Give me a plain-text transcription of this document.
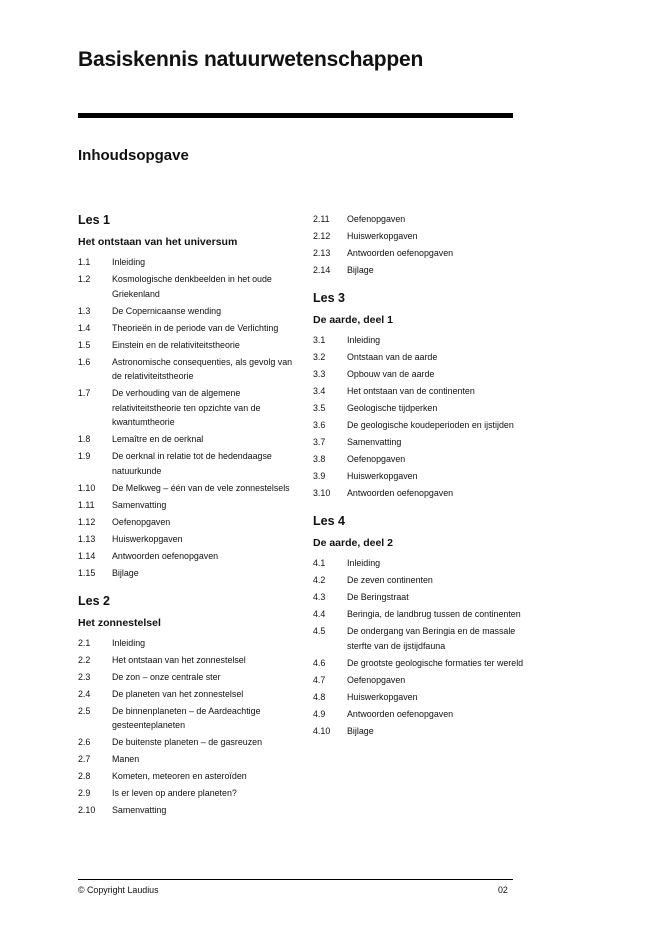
Basiskennis natuurwetenschappen
Inhoudsopgave
Les 1
Het ontstaan van het universum
1.1	Inleiding
1.2	Kosmologische denkbeelden in het oude Griekenland
1.3	De Copernicaanse wending
1.4	Theorieën in de periode van de Verlichting
1.5	Einstein en de relativiteitstheorie
1.6	Astronomische consequenties, als gevolg van de relativiteitstheorie
1.7	De verhouding van de algemene relativiteitstheorie ten opzichte van de kwantumtheorie
1.8	Lemaître en de oerknal
1.9	De oerknal in relatie tot de hedendaagse natuurkunde
1.10	De Melkweg – één van de vele zonnestelsels
1.11	Samenvatting
1.12	Oefenopgaven
1.13	Huiswerkopgaven
1.14	Antwoorden oefenopgaven
1.15	Bijlage
Les 2
Het zonnestelsel
2.1	Inleiding
2.2	Het ontstaan van het zonnestelsel
2.3	De zon – onze centrale ster
2.4	De planeten van het zonnestelsel
2.5	De binnenplaneten – de Aardeachtige gesteenteplaneten
2.6	De buitenste planeten – de gasreuzen
2.7	Manen
2.8	Kometen, meteoren en asteroïden
2.9	Is er leven op andere planeten?
2.10	Samenvatting
2.11	Oefenopgaven
2.12	Huiswerkopgaven
2.13	Antwoorden oefenopgaven
2.14	Bijlage
Les 3
De aarde, deel 1
3.1	Inleiding
3.2	Ontstaan van de aarde
3.3	Opbouw van de aarde
3.4	Het ontstaan van de continenten
3.5	Geologische tijdperken
3.6	De geologische koudeperioden en ijstijden
3.7	Samenvatting
3.8	Oefenopgaven
3.9	Huiswerkopgaven
3.10	Antwoorden oefenopgaven
Les 4
De aarde, deel 2
4.1	Inleiding
4.2	De zeven continenten
4.3	De Beringstraat
4.4	Beringia, de landbrug tussen de continenten
4.5	De ondergang van Beringia en de massale sterfte van de ijstijdfauna
4.6	De grootste geologische formaties ter wereld
4.7	Oefenopgaven
4.8	Huiswerkopgaven
4.9	Antwoorden oefenopgaven
4.10	Bijlage
© Copyright Laudius	02
